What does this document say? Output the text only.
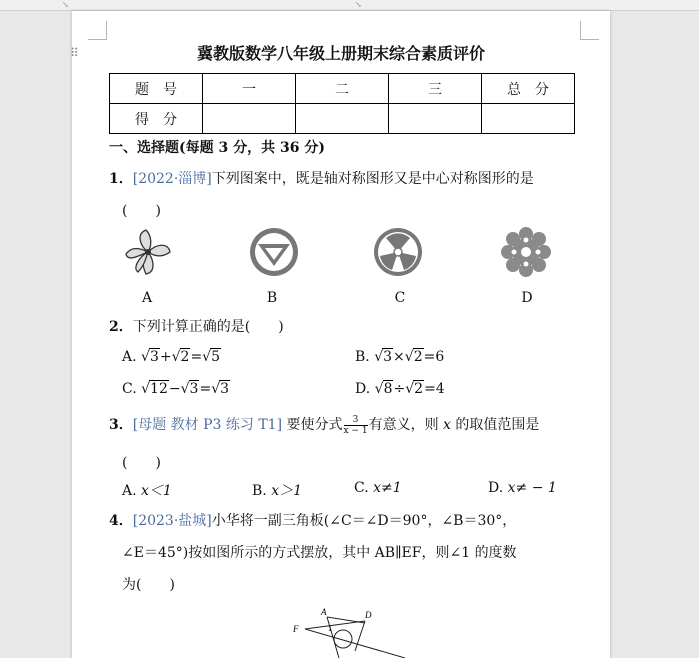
↘	↘
⠿	冀教版数学八年级上册期末综合素质评价
题　号	一	二	三	总　分
得　分				
一、选择题(每题 3 分，共 36 分)
1．[2022·淄博]下列图案中，既是轴对称图形又是中心对称图形的是
(　　)
A	B	C	D
2．下列计算正确的是(　　)
A. √3+√2=√5	B. √3×√2=6
C. √12−√3=√3	D. √8÷√2=4
3．[母题 教材 P3 练习 T1] 要使分式 $\frac{3}{x - 1}$ 有意义，则 x 的取值范围是
(　　)
A. x＜1	B. x＞1	C. x≠1	D. x≠ − 1
4．[2023·盐城]小华将一副三角板(∠C＝∠D＝90°，∠B＝30°，
∠E＝45°)按如图所示的方式摆放，其中 AB∥EF，则∠1 的度数
为(　　)
A	D
F	1
